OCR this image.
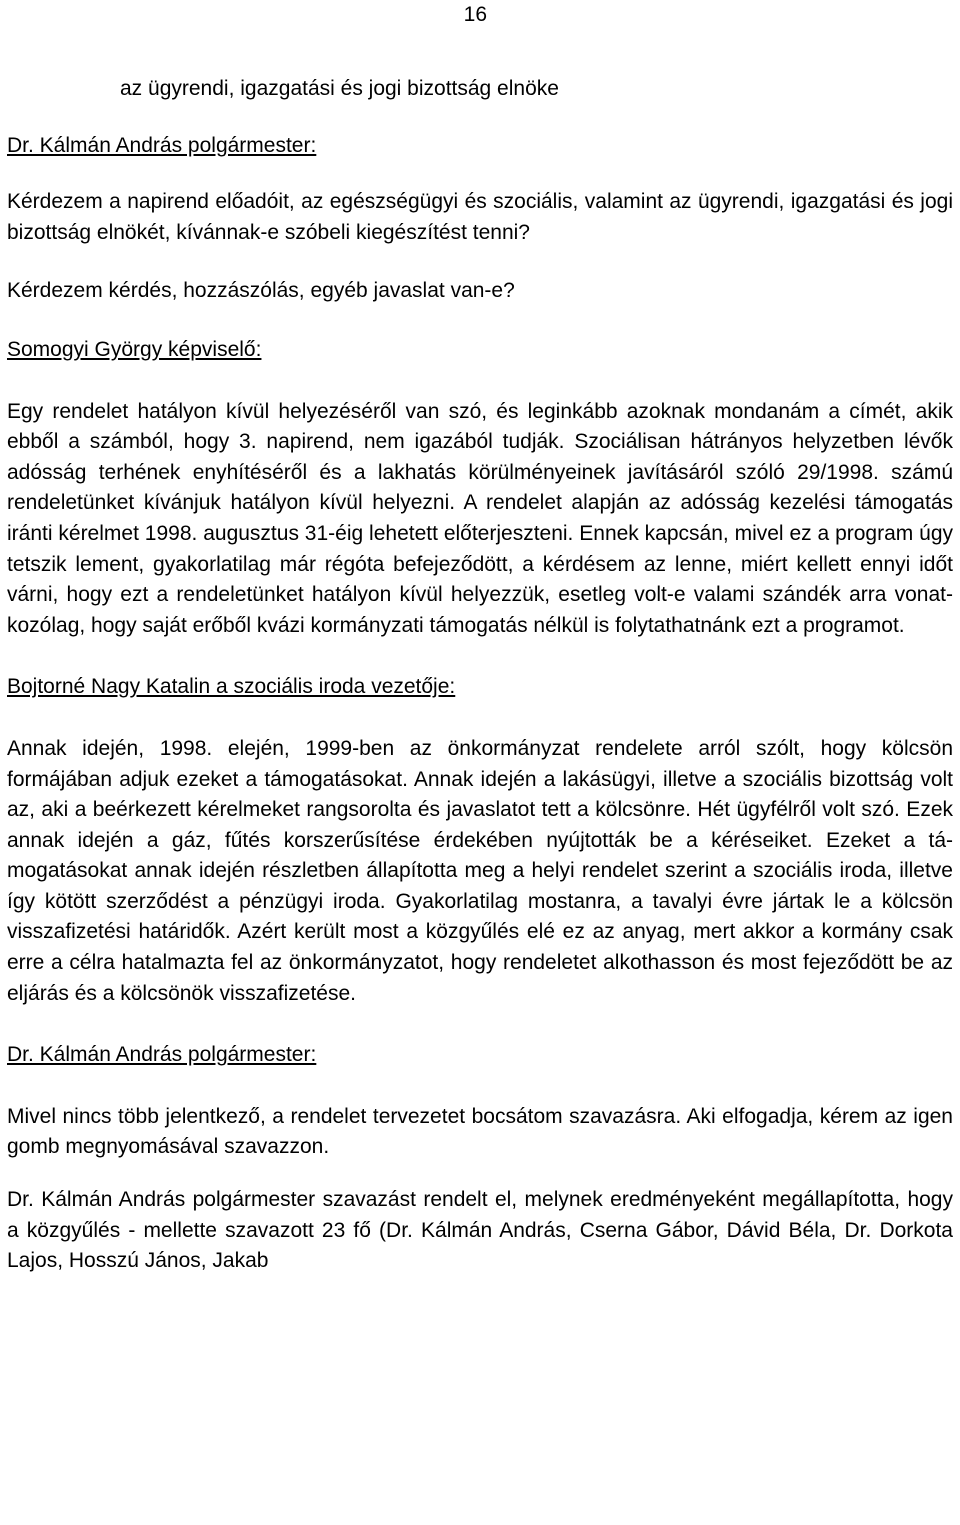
16

az ügyrendi, igazgatási és jogi bizottság elnöke

Dr. Kálmán András polgármester:

Kérdezem a napirend előadóit, az egészségügyi és szociális, valamint az ügyrendi, igazgatási és jogi bizottság elnökét, kívánnak-e szóbeli kiegészítést tenni?

Kérdezem kérdés, hozzászólás, egyéb javaslat van-e?

Somogyi György képviselő:

Egy rendelet hatályon kívül helyezéséről van szó, és leginkább azoknak mondanám a címét, akik ebből a számból, hogy 3. napirend, nem igazából tudják. Szociálisan hátrányos helyzetben lévők adósság terhének enyhítéséről és a lakhatás körülményeinek javításáról szóló 29/1998. számú rendeletünket kívánjuk hatályon kívül helyezni. A rendelet alapján az adósság kezelési támogatás iránti kérelmet 1998. augusztus 31-éig lehetett előterjeszteni. Ennek kapcsán, mivel ez a program úgy tetszik lement, gyakorlatilag már régóta befejeződött, a kérdésem az lenne, miért kellett ennyi időt várni, hogy ezt a rendeletünket hatályon kívül helyezzük, esetleg volt-e valami szándék arra vonatkozólag, hogy saját erőből kvázi kormányzati támogatás nélkül is folytathatnánk ezt a programot.

Bojtorné Nagy Katalin a szociális iroda vezetője:

Annak idején, 1998. elején, 1999-ben az önkormányzat rendelete arról szólt, hogy kölcsön formájában adjuk ezeket a támogatásokat. Annak idején a lakásügyi, illetve a szociális bizottság volt az, aki a beérkezett kérelmeket rangsorolta és javaslatot tett a kölcsönre. Hét ügyfélről volt szó. Ezek annak idején a gáz, fűtés korszerűsítése érdekében nyújtották be a kéréseiket. Ezeket a támogatásokat annak idején részletben állapította meg a helyi rendelet szerint a szociális iroda, illetve így kötött szerződést a pénzügyi iroda. Gyakorlatilag mostanra, a tavalyi évre jártak le a kölcsön visszafizetési határidők. Azért került most a közgyűlés elé ez az anyag, mert akkor a kormány csak erre a célra hatalmazta fel az önkormányzatot, hogy rendeletet alkothasson és most fejeződött be az eljárás és a kölcsönök visszafizetése.

Dr. Kálmán András polgármester:

Mivel nincs több jelentkező, a rendelet tervezetet bocsátom szavazásra. Aki elfogadja, kérem az igen gomb megnyomásával szavazzon.

Dr. Kálmán András polgármester szavazást rendelt el, melynek eredményeként megállapította, hogy a közgyűlés - mellette szavazott 23 fő (Dr. Kálmán András, Cserna Gábor, Dávid Béla, Dr. Dorkota Lajos, Hosszú János, Jakab
